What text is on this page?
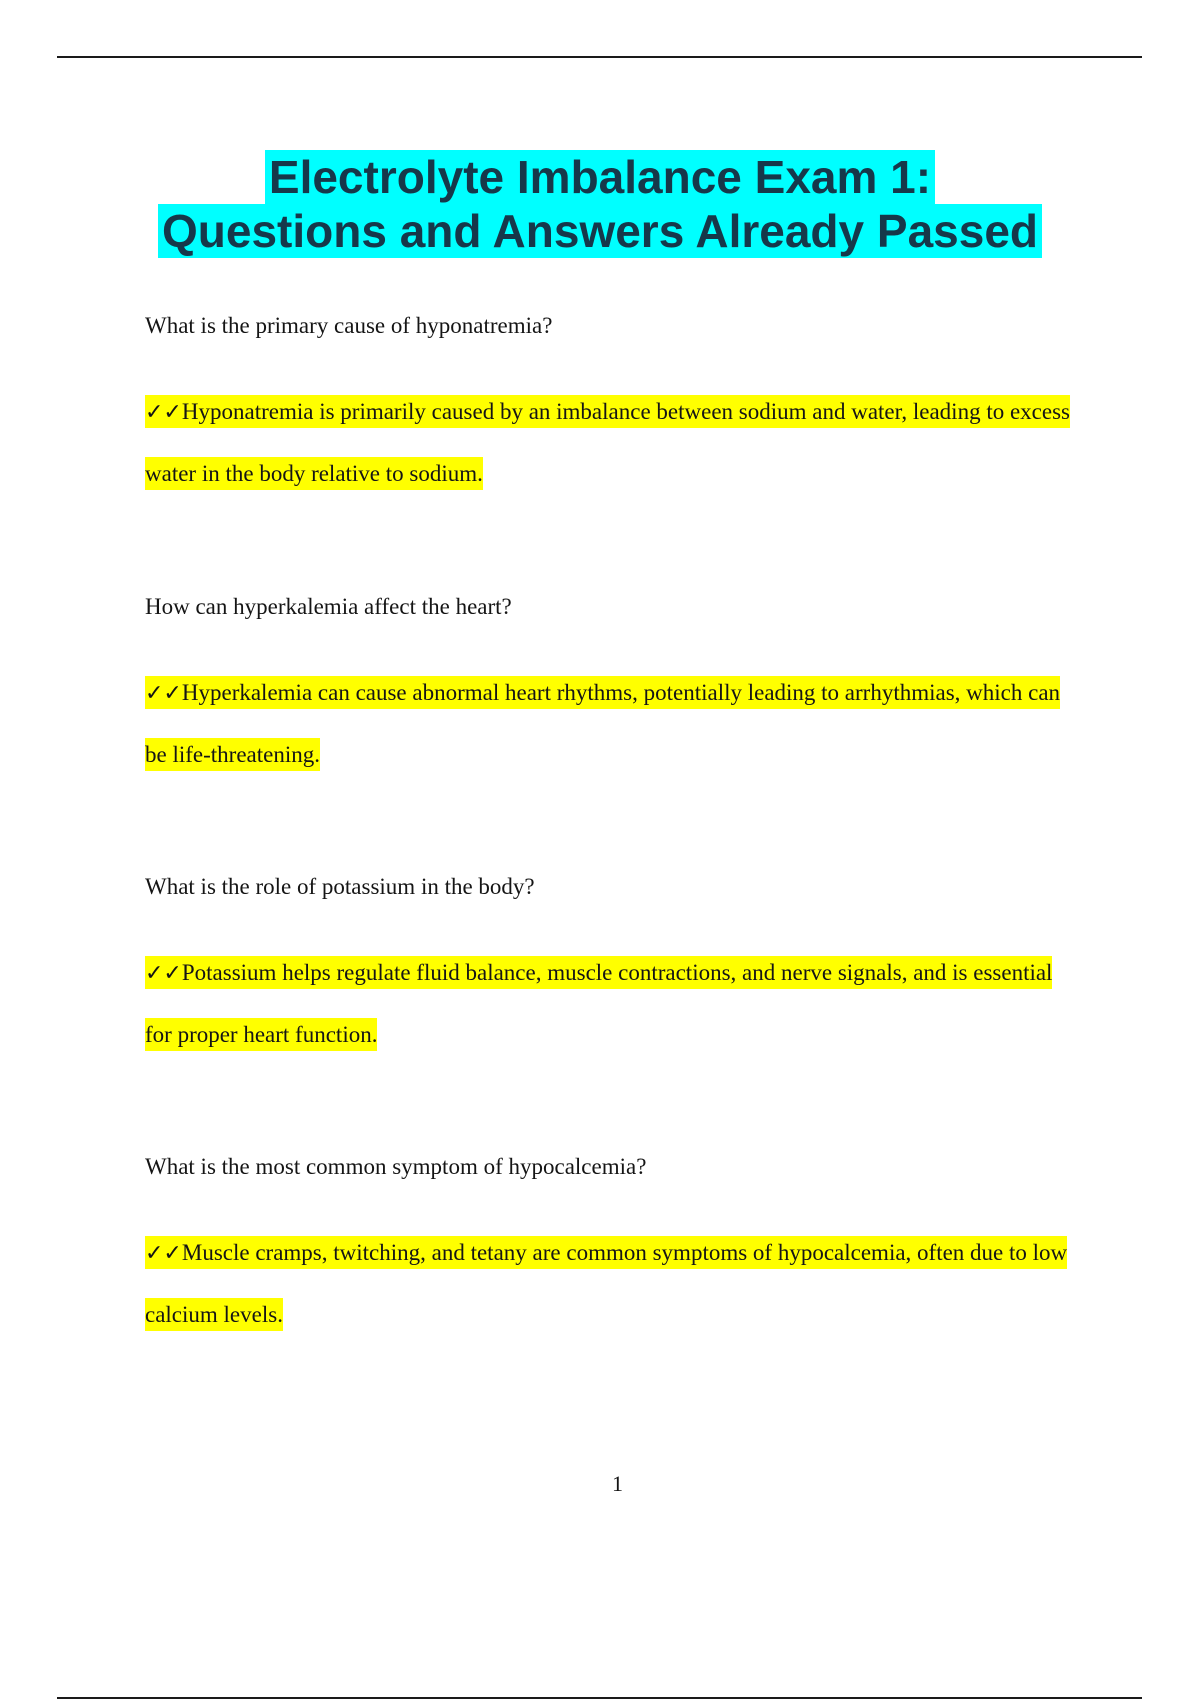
Electrolyte Imbalance Exam 1:
Questions and Answers Already Passed

What is the primary cause of hyponatremia?

✓✓Hyponatremia is primarily caused by an imbalance between sodium and water, leading to excess water in the body relative to sodium.

How can hyperkalemia affect the heart?

✓✓Hyperkalemia can cause abnormal heart rhythms, potentially leading to arrhythmias, which can be life-threatening.

What is the role of potassium in the body?

✓✓Potassium helps regulate fluid balance, muscle contractions, and nerve signals, and is essential for proper heart function.

What is the most common symptom of hypocalcemia?

✓✓Muscle cramps, twitching, and tetany are common symptoms of hypocalcemia, often due to low calcium levels.
1
